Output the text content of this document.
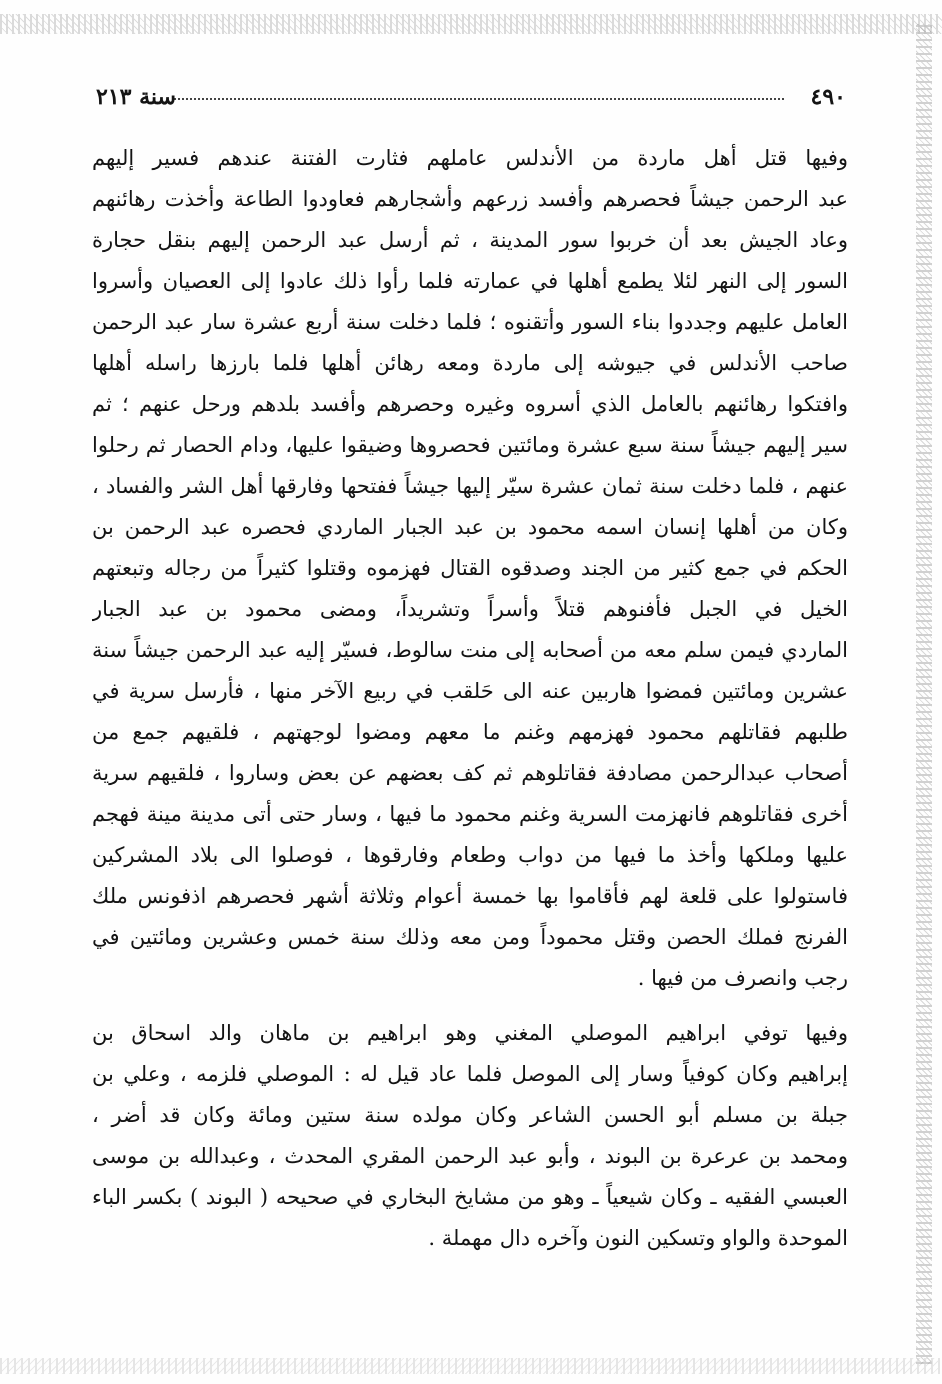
٤٩٠
سنة ٢١٣
وفيها قتل أهل ماردة من الأندلس عاملهم فثارت الفتنة عندهم فسير إليهم
عبد الرحمن جيشاً فحصرهم وأفسد زرعهم وأشجارهم فعاودوا الطاعة وأخذت رهائنهم
وعاد الجيش بعد أن خربوا سور المدينة ، ثم أرسل عبد الرحمن إليهم بنقل حجارة
السور إلى النهر لئلا يطمع أهلها في عمارته فلما رأوا ذلك عادوا إلى العصيان وأسروا
العامل عليهم وجددوا بناء السور وأتقنوه ؛ فلما دخلت سنة أربع عشرة سار عبد الرحمن
صاحب الأندلس في جيوشه إلى ماردة ومعه رهائن أهلها فلما بارزها راسله أهلها
وافتكوا رهائنهم بالعامل الذي أسروه وغيره وحصرهم وأفسد بلدهم ورحل عنهم ؛ ثم
سير إليهم جيشاً سنة سبع عشرة ومائتين فحصروها وضيقوا عليها، ودام الحصار ثم رحلوا
عنهم ، فلما دخلت سنة ثمان عشرة سيّر إليها جيشاً ففتحها وفارقها أهل الشر والفساد ،
وكان من أهلها إنسان اسمه محمود بن عبد الجبار الماردي فحصره عبد الرحمن بن
الحكم في جمع كثير من الجند وصدقوه القتال فهزموه وقتلوا كثيراً من رجاله وتبعتهم
الخيل في الجبل فأفنوهم قتلاً وأسراً وتشريداً، ومضى محمود بن عبد الجبار
الماردي فيمن سلم معه من أصحابه إلى منت سالوط، فسيّر إليه عبد الرحمن جيشاً سنة
عشرين ومائتين فمضوا هاربين عنه الى حَلقب في ربيع الآخر منها ، فأرسل سرية في
طلبهم فقاتلهم محمود فهزمهم وغنم ما معهم ومضوا لوجهتهم ، فلقيهم جمع من
أصحاب عبدالرحمن مصادفة فقاتلوهم ثم كف بعضهم عن بعض وساروا ، فلقيهم سرية
أخرى فقاتلوهم فانهزمت السرية وغنم محمود ما فيها ، وسار حتى أتى مدينة مينة فهجم
عليها وملكها وأخذ ما فيها من دواب وطعام وفارقوها ، فوصلوا الى بلاد المشركين
فاستولوا على قلعة لهم فأقاموا بها خمسة أعوام وثلاثة أشهر فحصرهم اذفونس ملك
الفرنج فملك الحصن وقتل محموداً ومن معه وذلك سنة خمس وعشرين ومائتين في
رجب وانصرف من فيها .
وفيها توفي ابراهيم الموصلي المغني وهو ابراهيم بن ماهان والد اسحاق بن
إبراهيم وكان كوفياً وسار إلى الموصل فلما عاد قيل له : الموصلي فلزمه ، وعلي بن
جبلة بن مسلم أبو الحسن الشاعر وكان مولده سنة ستين ومائة وكان قد أضر ،
ومحمد بن عرعرة بن البوند ، وأبو عبد الرحمن المقري المحدث ، وعبدالله بن موسى
العبسي الفقيه ـ وكان شيعياً ـ وهو من مشايخ البخاري في صحيحه ( البوند ) بكسر الباء
الموحدة والواو وتسكين النون وآخره دال مهملة .
